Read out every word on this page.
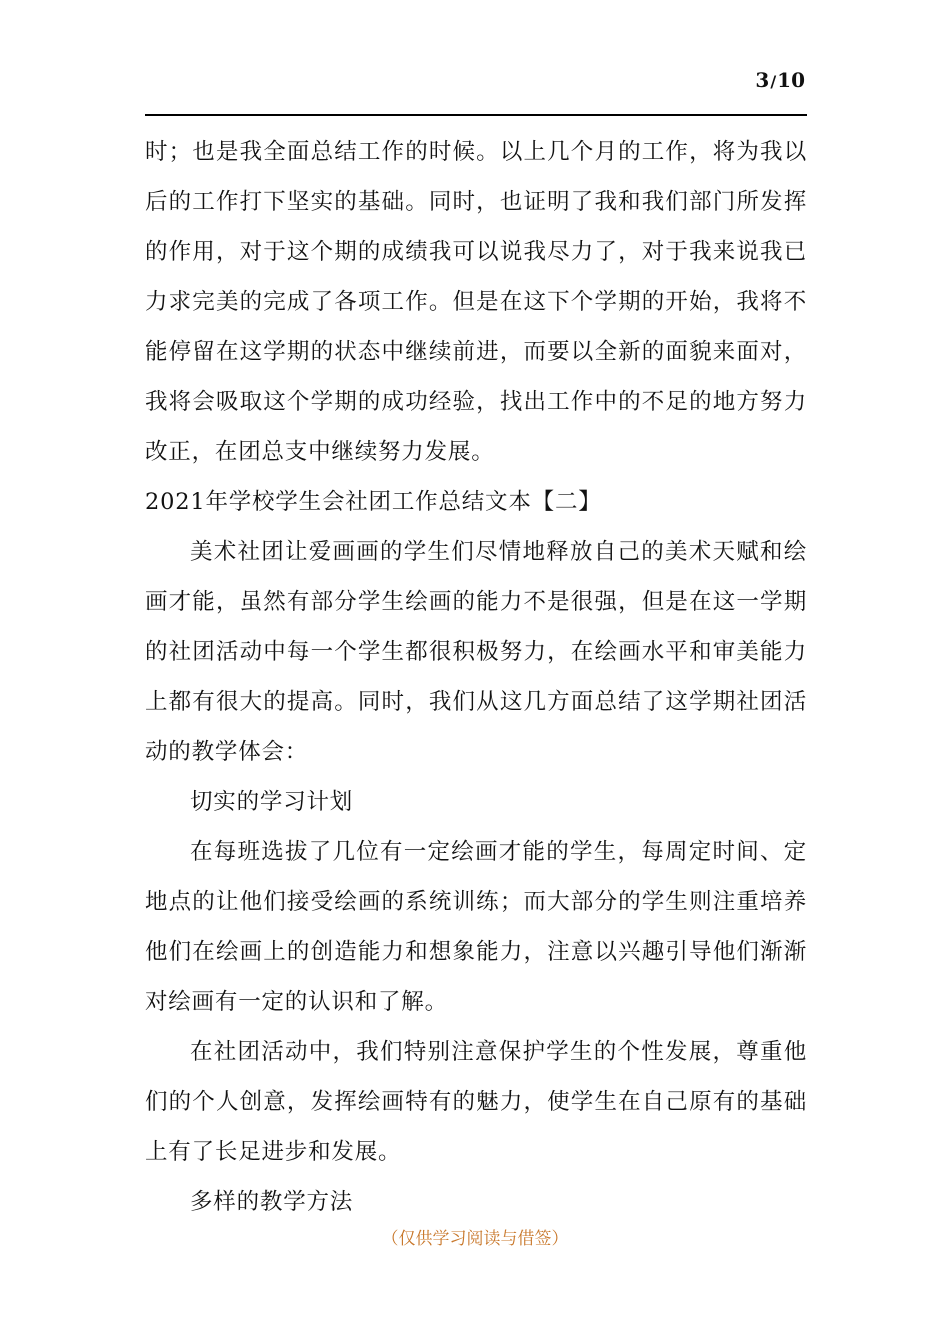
3/10

时；也是我全面总结工作的时候。以上几个月的工作，将为我以后的工作打下坚实的基础。同时，也证明了我和我们部门所发挥的作用，对于这个期的成绩我可以说我尽力了，对于我来说我已力求完美的完成了各项工作。但是在这下个学期的开始，我将不能停留在这学期的状态中继续前进，而要以全新的面貌来面对，我将会吸取这个学期的成功经验，找出工作中的不足的地方努力改正，在团总支中继续努力发展。

2021年学校学生会社团工作总结文本【二】

美术社团让爱画画的学生们尽情地释放自己的美术天赋和绘画才能，虽然有部分学生绘画的能力不是很强，但是在这一学期的社团活动中每一个学生都很积极努力，在绘画水平和审美能力上都有很大的提高。同时，我们从这几方面总结了这学期社团活动的教学体会：

切实的学习计划

在每班选拔了几位有一定绘画才能的学生，每周定时间、定地点的让他们接受绘画的系统训练；而大部分的学生则注重培养他们在绘画上的创造能力和想象能力，注意以兴趣引导他们渐渐对绘画有一定的认识和了解。

在社团活动中，我们特别注意保护学生的个性发展，尊重他们的个人创意，发挥绘画特有的魅力，使学生在自己原有的基础上有了长足进步和发展。

多样的教学方法

（仅供学习阅读与借签）
